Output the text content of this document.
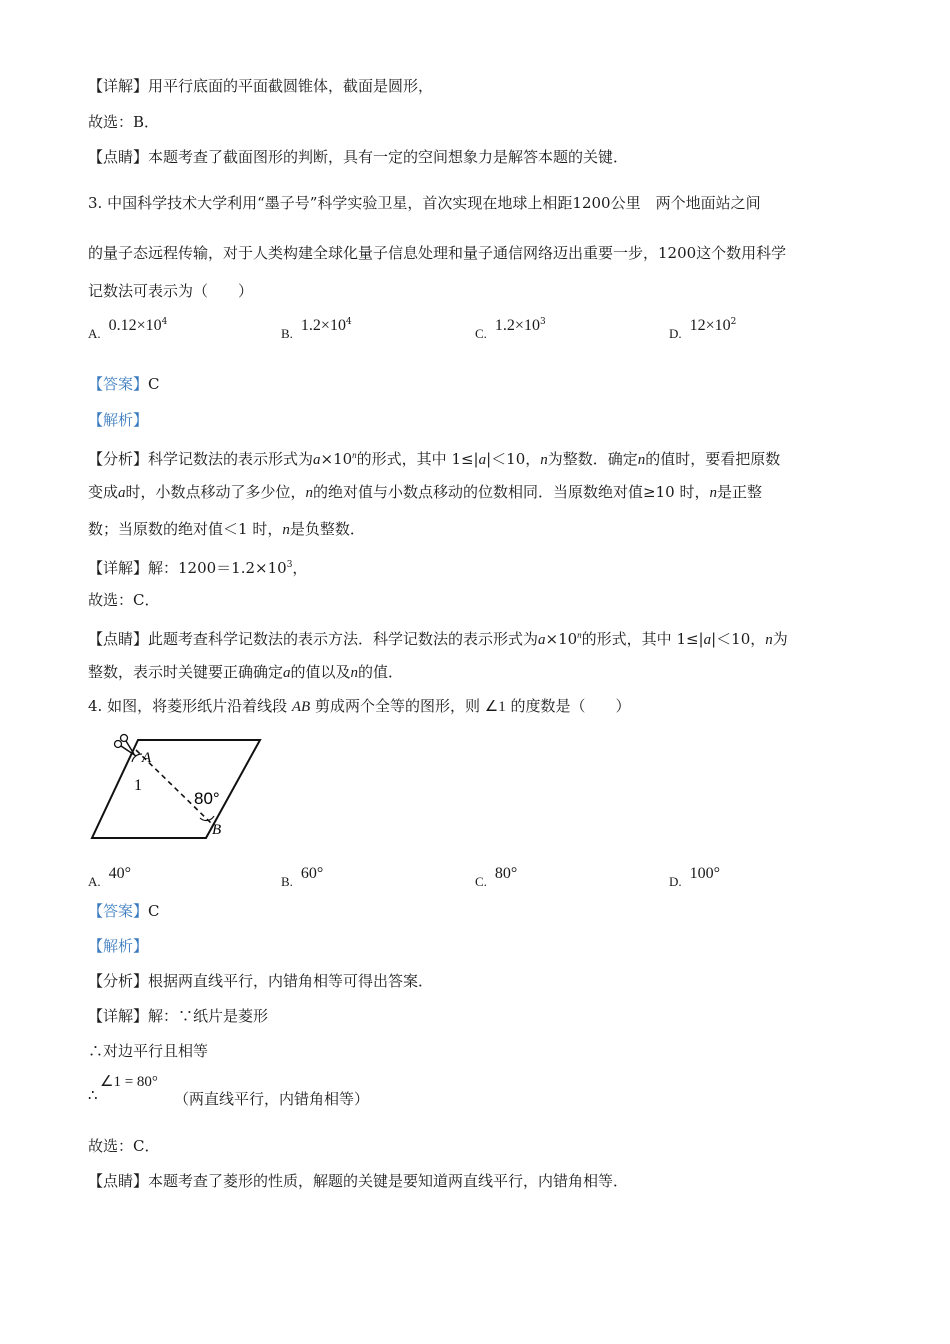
【详解】用平行底面的平面截圆锥体，截面是圆形，
故选：B．
【点睛】本题考查了截面图形的判断，具有一定的空间想象力是解答本题的关键．
3. 中国科学技术大学利用“墨子号”科学实验卫星，首次实现在地球上相距1200公里　两个地面站之间
的量子态远程传输，对于人类构建全球化量子信息处理和量子通信网络迈出重要一步，1200这个数用科学
记数法可表示为（　　）
A. $0.12\times 10^4$
B. $1.2\times 10^4$
C. $1.2\times 10^3$
D. $12\times 10^2$
【答案】C
【解析】
【分析】科学记数法的表示形式为$a\times 10^n$的形式，其中 1≤|a|＜10，n为整数．确定n的值时，要看把原数
变成a时，小数点移动了多少位，n的绝对值与小数点移动的位数相同．当原数绝对值≥10 时，n是正整
数；当原数的绝对值＜1 时，n是负整数．
【详解】解：$1200=1.2\times 10^3$，
故选：C．
【点睛】此题考查科学记数法的表示方法．科学记数法的表示形式为$a\times 10^n$的形式，其中 1≤|a|＜10，n为
整数，表示时关键要正确确定a的值以及n的值．
4. 如图，将菱形纸片沿着线段 AB 剪成两个全等的图形，则 ∠1 的度数是（　　）
A
1
80°
B
A. 40°	B. 60°	C. 80°	D. 100°
【答案】C
【解析】
【分析】根据两直线平行，内错角相等可得出答案．
【详解】解：∵纸片是菱形
∴对边平行且相等
∴
∠1 = 80°
（两直线平行，内错角相等）
故选：C．
【点睛】本题考查了菱形的性质，解题的关键是要知道两直线平行，内错角相等．
